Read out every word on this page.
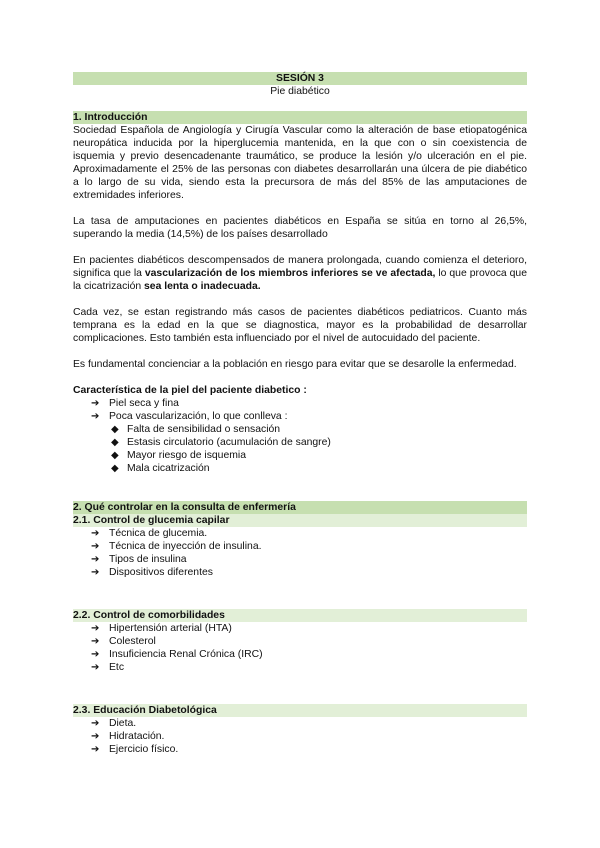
SESIÓN 3
Pie diabético
1. Introducción

Sociedad Española de Angiología y Cirugía Vascular como la alteración de base etiopatogénica neuropática inducida por la hiperglucemia mantenida, en la que con o sin coexistencia de isquemia y previo desencadenante traumático, se produce la lesión y/o ulceración en el pie. Aproximadamente el 25% de las personas con diabetes desarrollarán una úlcera de pie diabético a lo largo de su vida, siendo esta la precursora de más del 85% de las amputaciones de extremidades inferiores.

La tasa de amputaciones en pacientes diabéticos en España se sitúa en torno al 26,5%, superando la media (14,5%) de los países desarrollado

En pacientes diabéticos descompensados de manera prolongada, cuando comienza el deterioro, significa que la vascularización de los miembros inferiores se ve afectada, lo que provoca que la cicatrización sea lenta o inadecuada.

Cada vez, se estan registrando más casos de pacientes diabéticos pediatricos. Cuanto más temprana es la edad en la que se diagnostica, mayor es la probabilidad de desarrollar complicaciones. Esto también esta influenciado por el nivel de autocuidado del paciente.

Es fundamental concienciar a la población en riesgo para evitar que se desarolle la enfermedad.

Característica de la piel del paciente diabetico :
➔ Piel seca y fina
➔ Poca vascularización, lo que conlleva :
◆ Falta de sensibilidad o sensación
◆ Estasis circulatorio (acumulación de sangre)
◆ Mayor riesgo de isquemia
◆ Mala cicatrización
2. Qué controlar en la consulta de enfermería
2.1. Control de glucemia capilar
➔ Técnica de glucemia.
➔ Técnica de inyección de insulina.
➔ Tipos de insulina
➔ Dispositivos diferentes
2.2. Control de comorbilidades
➔ Hipertensión arterial (HTA)
➔ Colesterol
➔ Insuficiencia Renal Crónica (IRC)
➔ Etc
2.3. Educación Diabetológica
➔ Dieta.
➔ Hidratación.
➔ Ejercicio físico.
